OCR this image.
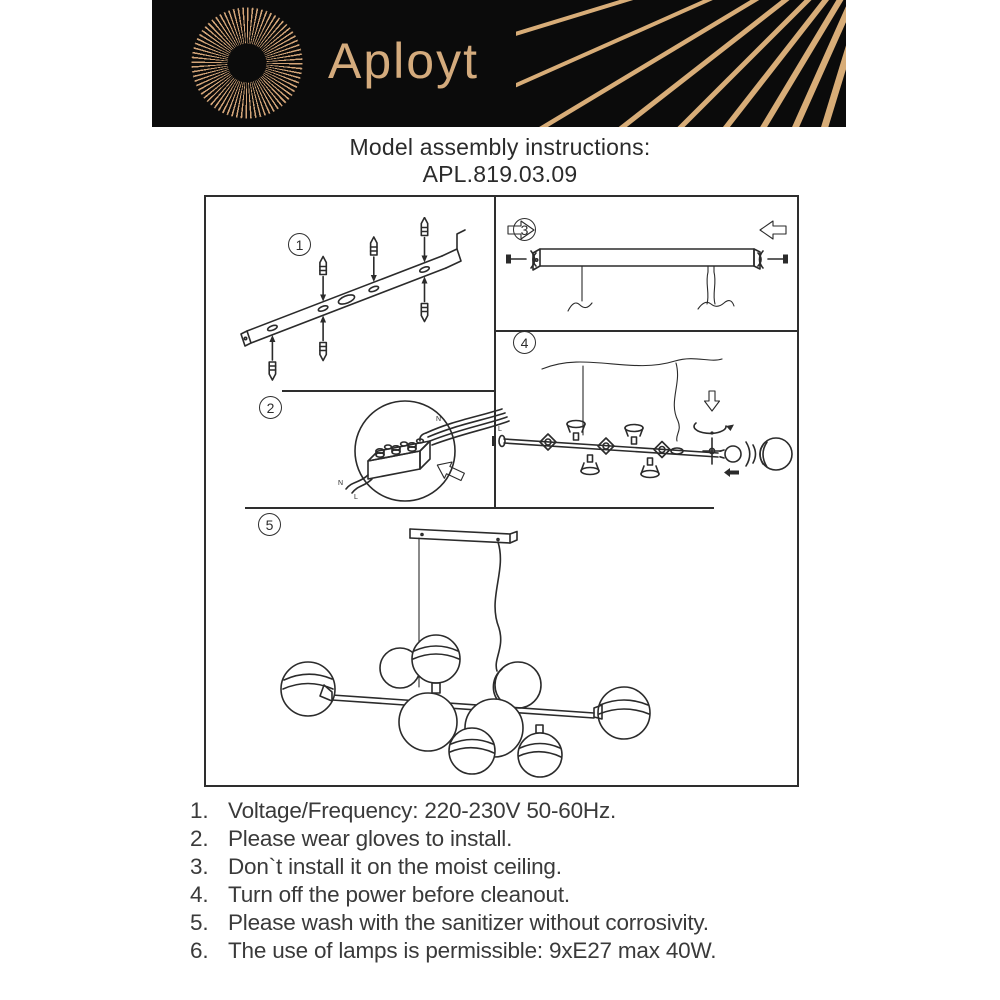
Aployt
Model assembly instructions:
APL.819.03.09
1
3
4
2
5
N
L
N
L
1. Voltage/Frequency: 220-230V 50-60Hz.
2. Please wear gloves to install.
3. Don`t install it on the moist ceiling.
4. Turn off the power before cleanout.
5. Please wash with the sanitizer without corrosivity.
6. The use of lamps is permissible: 9xE27 max 40W.
